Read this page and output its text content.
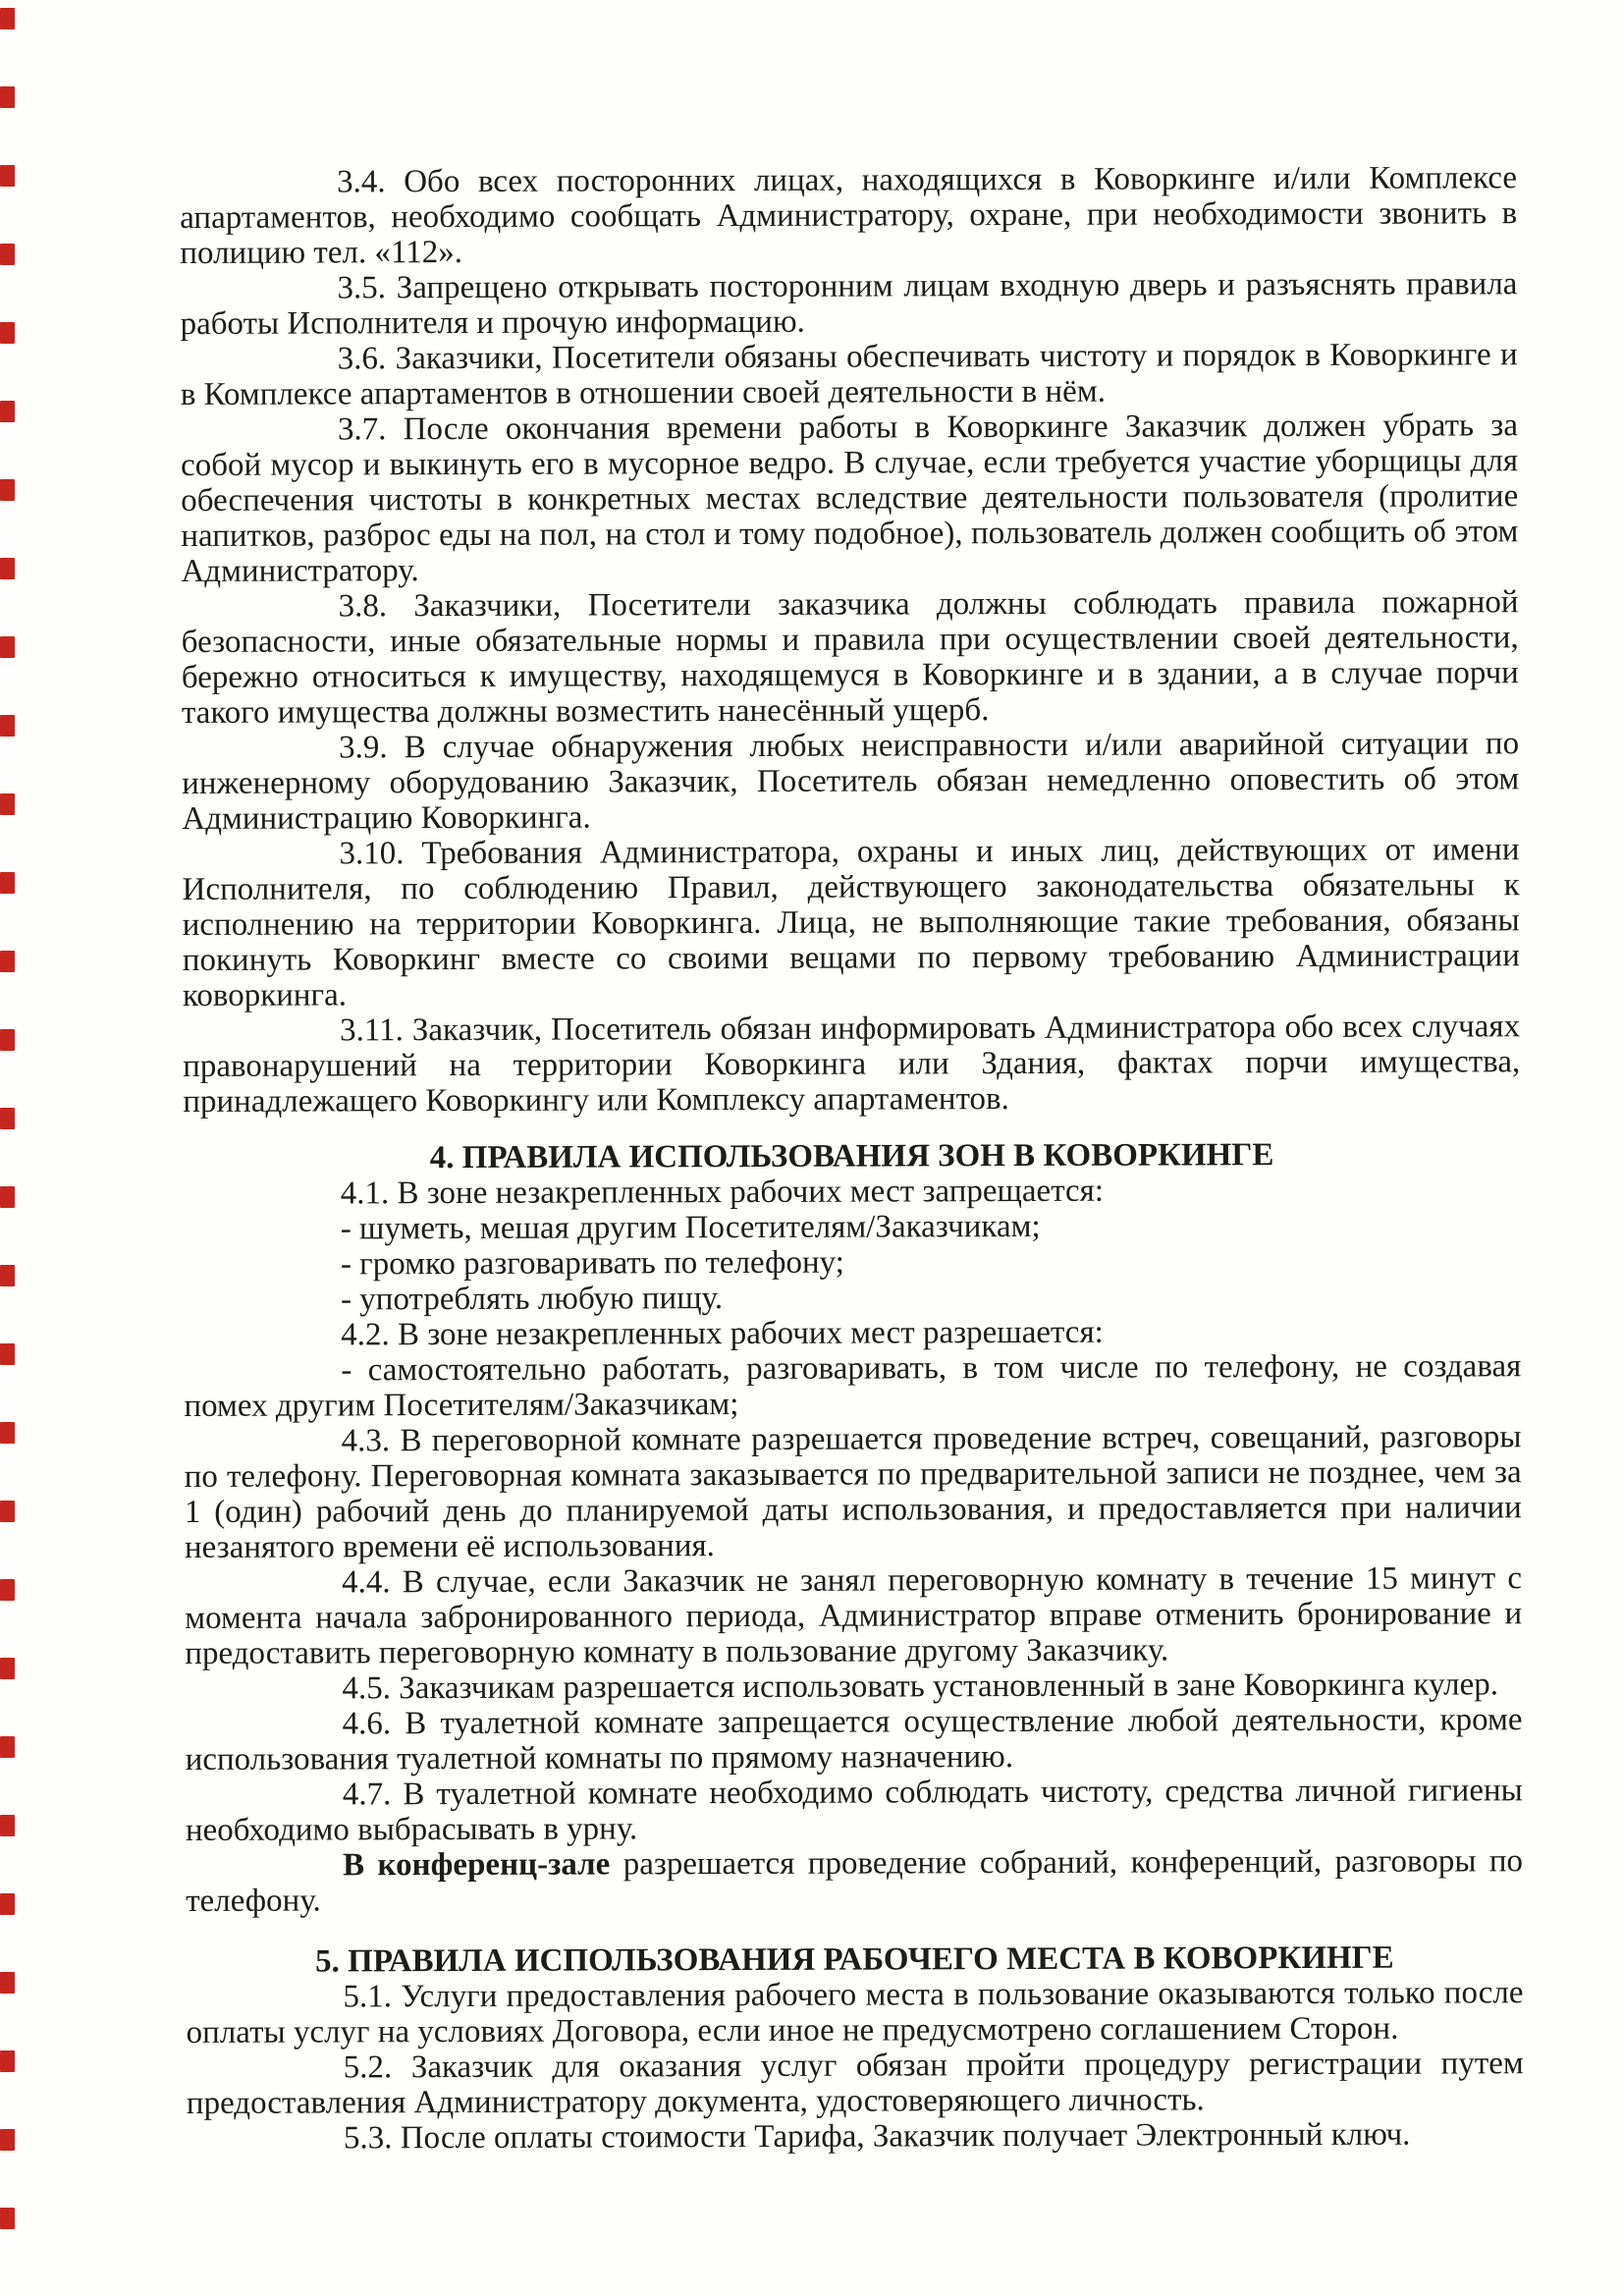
3.4. Обо всех посторонних лицах, находящихся в Коворкинге и/или Комплексе апартаментов, необходимо сообщать Администратору, охране, при необходимости звонить в полицию тел. «112».

3.5. Запрещено открывать посторонним лицам входную дверь и разъяснять правила работы Исполнителя и прочую информацию.

3.6. Заказчики, Посетители обязаны обеспечивать чистоту и порядок в Коворкинге и в Комплексе апартаментов в отношении своей деятельности в нём.

3.7. После окончания времени работы в Коворкинге Заказчик должен убрать за собой мусор и выкинуть его в мусорное ведро. В случае, если требуется участие уборщицы для обеспечения чистоты в конкретных местах вследствие деятельности пользователя (пролитие напитков, разброс еды на пол, на стол и тому подобное), пользователь должен сообщить об этом Администратору.

3.8. Заказчики, Посетители заказчика должны соблюдать правила пожарной безопасности, иные обязательные нормы и правила при осуществлении своей деятельности, бережно относиться к имуществу, находящемуся в Коворкинге и в здании, а в случае порчи такого имущества должны возместить нанесённый ущерб.

3.9. В случае обнаружения любых неисправности и/или аварийной ситуации по инженерному оборудованию Заказчик, Посетитель обязан немедленно оповестить об этом Администрацию Коворкинга.

3.10. Требования Администратора, охраны и иных лиц, действующих от имени Исполнителя, по соблюдению Правил, действующего законодательства обязательны к исполнению на территории Коворкинга. Лица, не выполняющие такие требования, обязаны покинуть Коворкинг вместе со своими вещами по первому требованию Администрации коворкинга.

3.11. Заказчик, Посетитель обязан информировать Администратора обо всех случаях правонарушений на территории Коворкинга или Здания, фактах порчи имущества, принадлежащего Коворкингу или Комплексу апартаментов.

4. ПРАВИЛА ИСПОЛЬЗОВАНИЯ ЗОН В КОВОРКИНГЕ

4.1. В зоне незакрепленных рабочих мест запрещается:

- шуметь, мешая другим Посетителям/Заказчикам;

- громко разговаривать по телефону;

- употреблять любую пищу.

4.2. В зоне незакрепленных рабочих мест разрешается:

- самостоятельно работать, разговаривать, в том числе по телефону, не создавая помех другим Посетителям/Заказчикам;

4.3. В переговорной комнате разрешается проведение встреч, совещаний, разговоры по телефону. Переговорная комната заказывается по предварительной записи не позднее, чем за 1 (один) рабочий день до планируемой даты использования, и предоставляется при наличии незанятого времени её использования.

4.4. В случае, если Заказчик не занял переговорную комнату в течение 15 минут с момента начала забронированного периода, Администратор вправе отменить бронирование и предоставить переговорную комнату в пользование другому Заказчику.

4.5. Заказчикам разрешается использовать установленный в зане Коворкинга кулер.

4.6. В туалетной комнате запрещается осуществление любой деятельности, кроме использования туалетной комнаты по прямому назначению.

4.7. В туалетной комнате необходимо соблюдать чистоту, средства личной гигиены необходимо выбрасывать в урну.

В конференц-зале разрешается проведение собраний, конференций, разговоры по телефону.

5. ПРАВИЛА ИСПОЛЬЗОВАНИЯ РАБОЧЕГО МЕСТА В КОВОРКИНГЕ

5.1. Услуги предоставления рабочего места в пользование оказываются только после оплаты услуг на условиях Договора, если иное не предусмотрено соглашением Сторон.

5.2. Заказчик для оказания услуг обязан пройти процедуру регистрации путем предоставления Администратору документа, удостоверяющего личность.

5.3. После оплаты стоимости Тарифа, Заказчик получает Электронный ключ.
